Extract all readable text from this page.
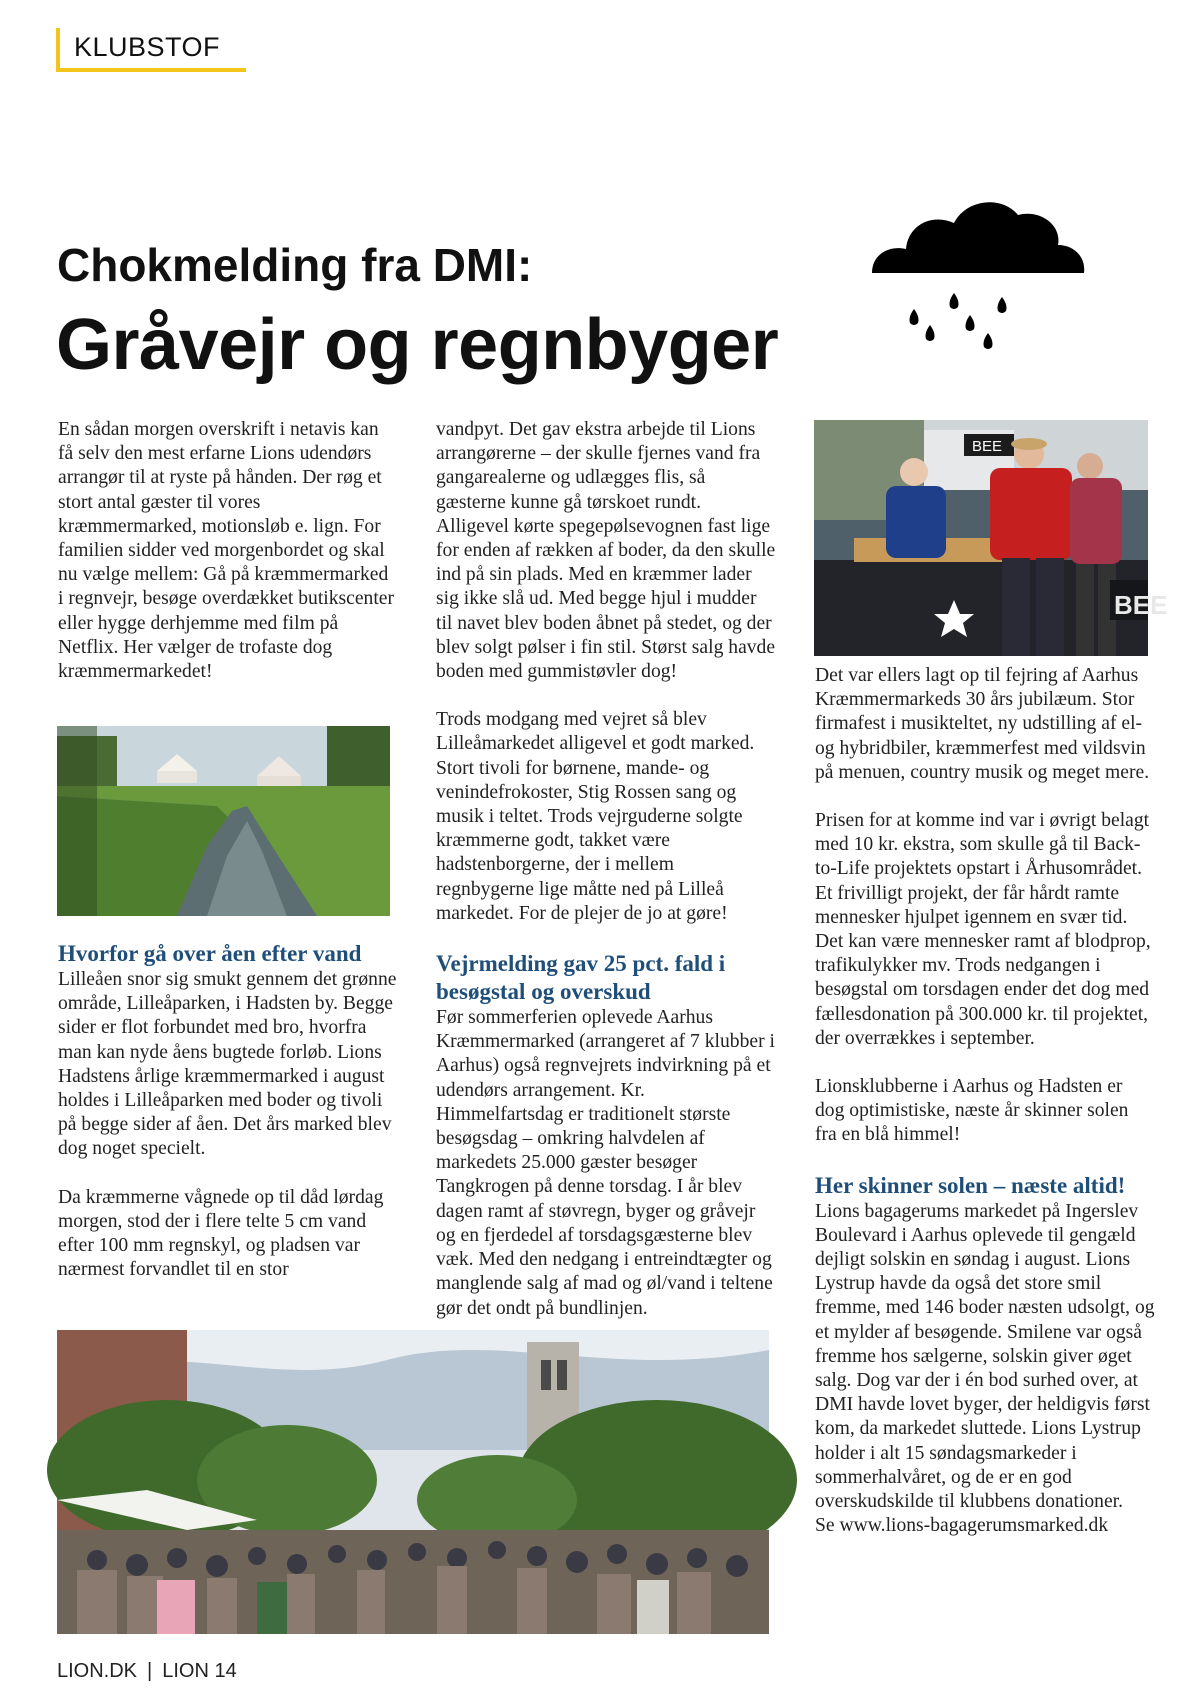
KLUBSTOF
Chokmelding fra DMI:
Gråvejr og regnbyger

En sådan morgen overskrift i netavis kan få selv den mest erfarne Lions udendørs arrangør til at ryste på hånden. Der røg et stort antal gæster til vores kræmmermarked, motionsløb e. lign. For familien sidder ved morgenbordet og skal nu vælge mellem: Gå på kræmmermarked i regnvejr, besøge overdækket butikscenter eller hygge derhjemme med film på Netflix. Her vælger de trofaste dog kræmmermarkedet!

Hvorfor gå over åen efter vand

Lilleåen snor sig smukt gennem det grønne område, Lilleåparken, i Hadsten by. Begge sider er flot forbundet med bro, hvorfra man kan nyde åens bugtede forløb. Lions Hadstens årlige kræmmermarked i august holdes i Lilleåparken med boder og tivoli på begge sider af åen. Det års marked blev dog noget specielt.

Da kræmmerne vågnede op til dåd lørdag morgen, stod der i flere telte 5 cm vand efter 100 mm regnskyl, og pladsen var nærmest forvandlet til en stor

vandpyt. Det gav ekstra arbejde til Lions arrangørerne – der skulle fjernes vand fra gangarealerne og udlægges flis, så gæsterne kunne gå tørskoet rundt. Alligevel kørte spegepølsevognen fast lige for enden af rækken af boder, da den skulle ind på sin plads. Med en kræmmer lader sig ikke slå ud. Med begge hjul i mudder til navet blev boden åbnet på stedet, og der blev solgt pølser i fin stil. Størst salg havde boden med gummistøvler dog!

Trods modgang med vejret så blev Lilleåmarkedet alligevel et godt marked. Stort tivoli for børnene, mande- og venindefrokoster, Stig Rossen sang og musik i teltet. Trods vejrguderne solgte kræmmerne godt, takket være hadstenborgerne, der i mellem regnbygerne lige måtte ned på Lilleå markedet. For de plejer de jo at gøre!

Vejrmelding gav 25 pct. fald i besøgstal og overskud

Før sommerferien oplevede Aarhus Kræmmermarked (arrangeret af 7 klubber i Aarhus) også regnvejrets indvirkning på et udendørs arrangement. Kr. Himmelfartsdag er traditionelt største besøgsdag – omkring halvdelen af markedets 25.000 gæster besøger Tangkrogen på denne torsdag. I år blev dagen ramt af støvregn, byger og gråvejr og en fjerdedel af torsdagsgæsterne blev væk. Med den nedgang i entreindtægter og manglende salg af mad og øl/vand i teltene gør det ondt på bundlinjen.

BEE
BEE

Det var ellers lagt op til fejring af Aarhus Kræmmermarkeds 30 års jubilæum. Stor firmafest i musikteltet, ny udstilling af el- og hybridbiler, kræmmerfest med vildsvin på menuen, country musik og meget mere.

Prisen for at komme ind var i øvrigt belagt med 10 kr. ekstra, som skulle gå til Back-to-Life projektets opstart i Århusområdet. Et frivilligt projekt, der får hårdt ramte mennesker hjulpet igennem en svær tid. Det kan være mennesker ramt af blodprop, trafikulykker mv. Trods nedgangen i besøgstal om torsdagen ender det dog med fællesdonation på 300.000 kr. til projektet, der overrækkes i september.

Lionsklubberne i Aarhus og Hadsten er dog optimistiske, næste år skinner solen fra en blå himmel!

Her skinner solen – næste altid!

Lions bagagerums markedet på Ingerslev Boulevard i Aarhus oplevede til gengæld dejligt solskin en søndag i august. Lions Lystrup havde da også det store smil fremme, med 146 boder næsten udsolgt, og et mylder af besøgende. Smilene var også fremme hos sælgerne, solskin giver øget salg. Dog var der i én bod surhed over, at DMI havde lovet byger, der heldigvis først kom, da markedet sluttede. Lions Lystrup holder i alt 15 søndagsmarkeder i sommerhalvåret, og de er en god overskudskilde til klubbens donationer.

Se www.lions-bagagerumsmarked.dk

LION.DK | LION 14
